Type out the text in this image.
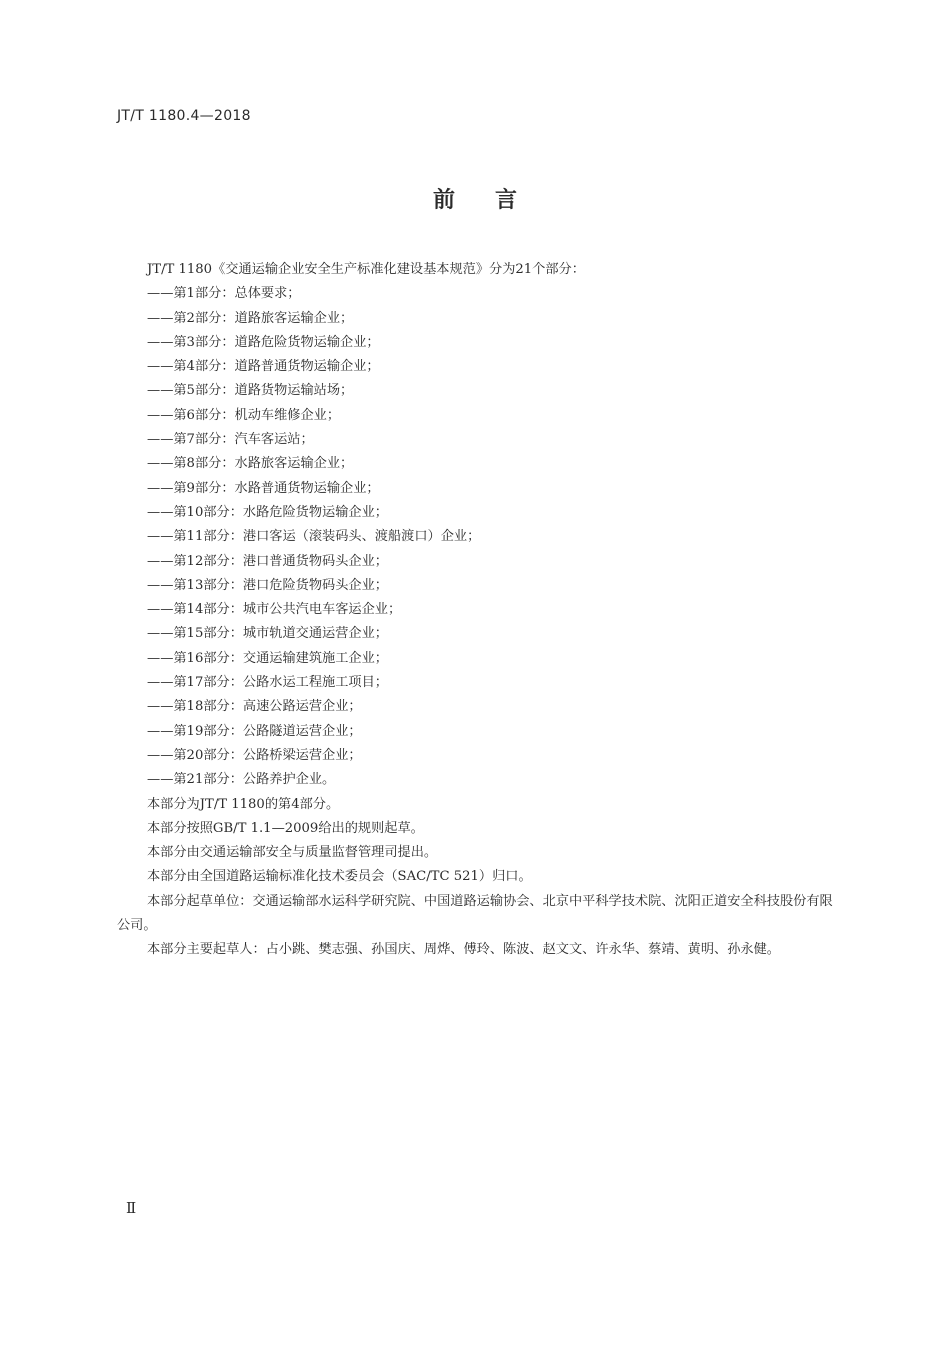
JT/T 1180.4—2018
前言

JT/T 1180《交通运输企业安全生产标准化建设基本规范》分为21个部分：

——第1部分：总体要求；

——第2部分：道路旅客运输企业；

——第3部分：道路危险货物运输企业；

——第4部分：道路普通货物运输企业；

——第5部分：道路货物运输站场；

——第6部分：机动车维修企业；

——第7部分：汽车客运站；

——第8部分：水路旅客运输企业；

——第9部分：水路普通货物运输企业；

——第10部分：水路危险货物运输企业；

——第11部分：港口客运（滚装码头、渡船渡口）企业；

——第12部分：港口普通货物码头企业；

——第13部分：港口危险货物码头企业；

——第14部分：城市公共汽电车客运企业；

——第15部分：城市轨道交通运营企业；

——第16部分：交通运输建筑施工企业；

——第17部分：公路水运工程施工项目；

——第18部分：高速公路运营企业；

——第19部分：公路隧道运营企业；

——第20部分：公路桥梁运营企业；

——第21部分：公路养护企业。

本部分为JT/T 1180的第4部分。

本部分按照GB/T 1.1—2009给出的规则起草。

本部分由交通运输部安全与质量监督管理司提出。

本部分由全国道路运输标准化技术委员会（SAC/TC 521）归口。

本部分起草单位：交通运输部水运科学研究院、中国道路运输协会、北京中平科学技术院、沈阳正道安全科技股份有限公司。

本部分主要起草人：占小跳、樊志强、孙国庆、周烨、傅玲、陈波、赵文文、许永华、蔡靖、黄明、孙永健。

Ⅱ
